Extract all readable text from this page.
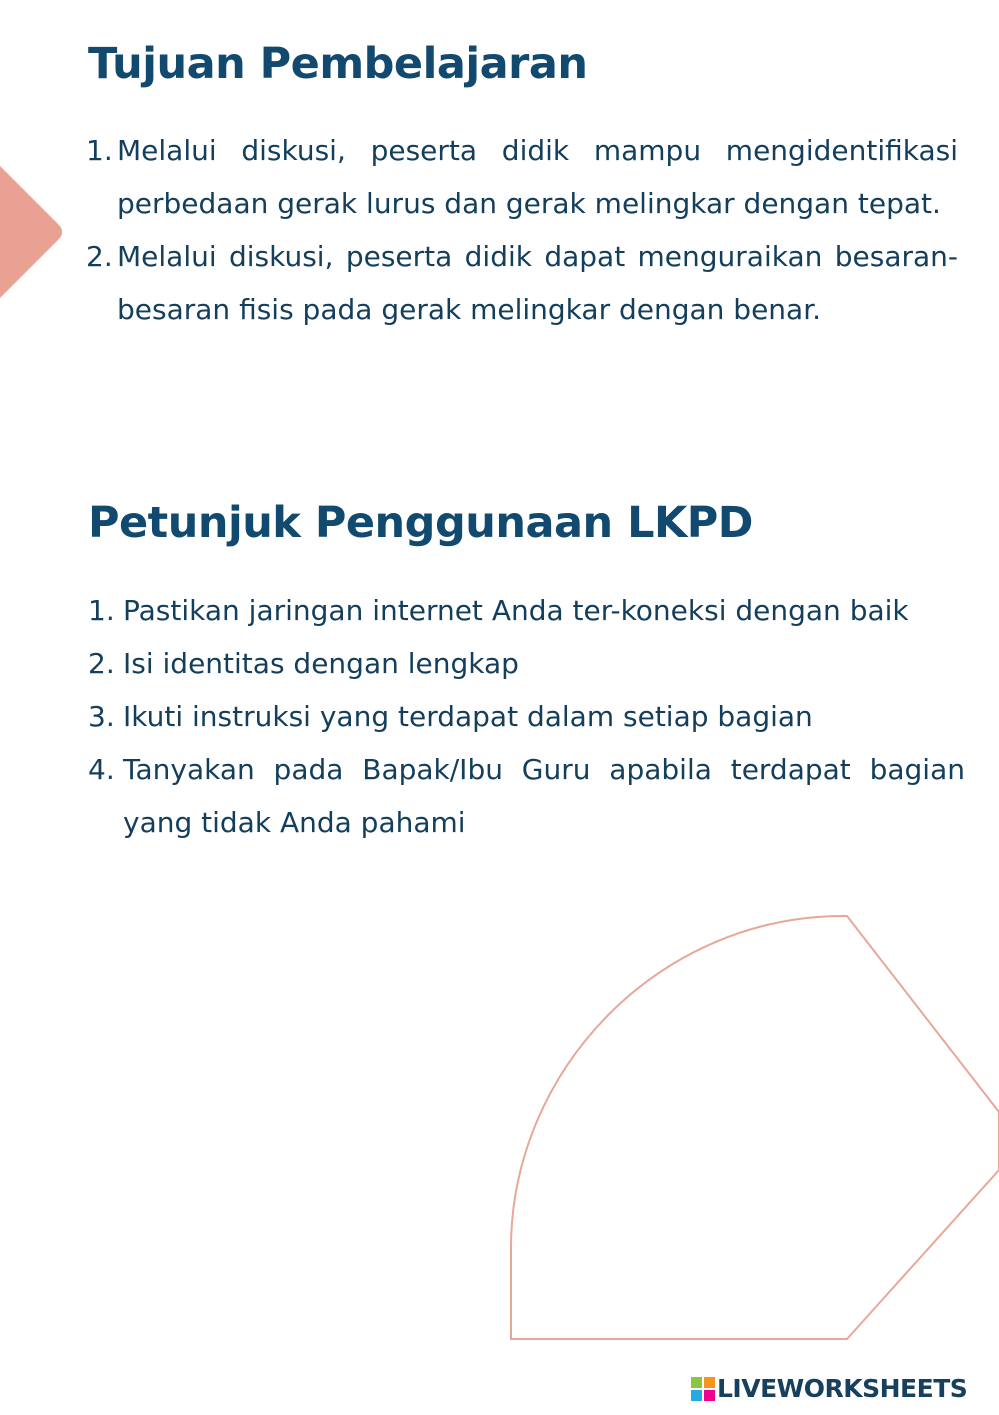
Tujuan Pembelajaran
1. Melalui diskusi, peserta didik mampu mengidentifikasi perbedaan gerak lurus dan gerak melingkar dengan tepat.
2. Melalui diskusi, peserta didik dapat menguraikan besaran-besaran fisis pada gerak melingkar dengan benar.
Petunjuk Penggunaan LKPD
1. Pastikan jaringan internet Anda ter-koneksi dengan baik
2. Isi identitas dengan lengkap
3. Ikuti instruksi yang terdapat dalam setiap bagian
4. Tanyakan pada Bapak/Ibu Guru apabila terdapat bagian yang tidak Anda pahami
LIVEWORKSHEETS
